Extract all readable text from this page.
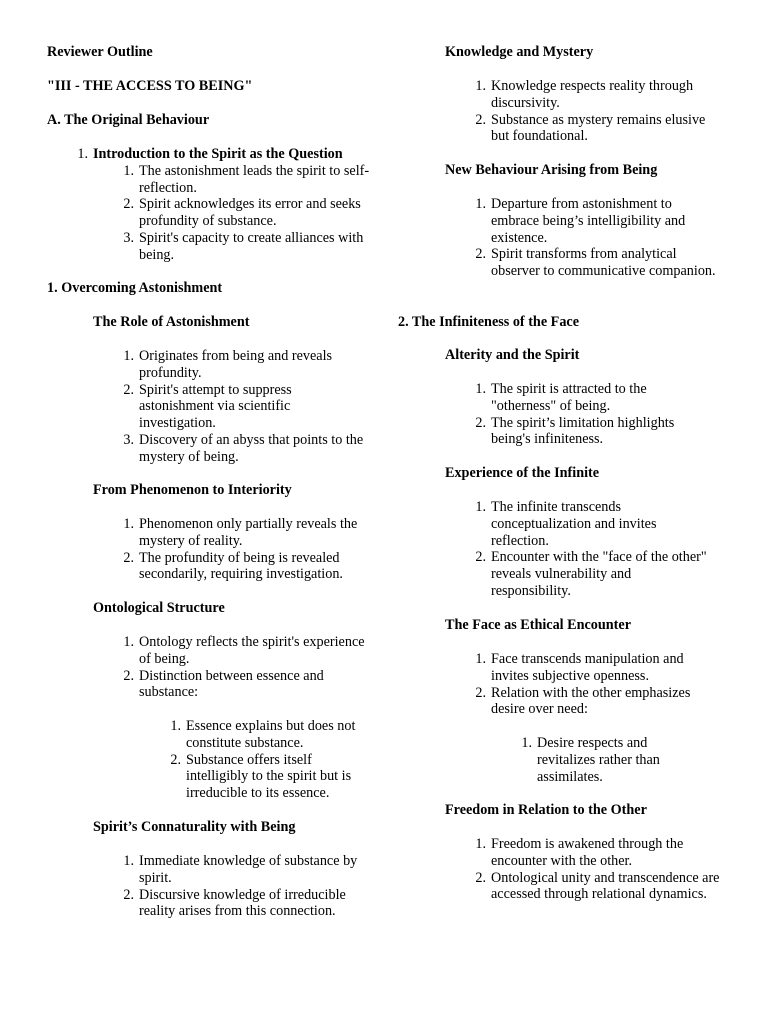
Reviewer Outline
"III - THE ACCESS TO BEING"
A. The Original Behaviour
1. Introduction to the Spirit as the Question
1. The astonishment leads the spirit to self-reflection.
2. Spirit acknowledges its error and seeks profundity of substance.
3. Spirit's capacity to create alliances with being.
1. Overcoming Astonishment
The Role of Astonishment
1. Originates from being and reveals profundity.
2. Spirit's attempt to suppress astonishment via scientific investigation.
3. Discovery of an abyss that points to the mystery of being.
From Phenomenon to Interiority
1. Phenomenon only partially reveals the mystery of reality.
2. The profundity of being is revealed secondarily, requiring investigation.
Ontological Structure
1. Ontology reflects the spirit's experience of being.
2. Distinction between essence and substance:
1. Essence explains but does not constitute substance.
2. Substance offers itself intelligibly to the spirit but is irreducible to its essence.
Spirit’s Connaturality with Being
1. Immediate knowledge of substance by spirit.
2. Discursive knowledge of irreducible reality arises from this connection.
Knowledge and Mystery
1. Knowledge respects reality through discursivity.
2. Substance as mystery remains elusive but foundational.
New Behaviour Arising from Being
1. Departure from astonishment to embrace being’s intelligibility and existence.
2. Spirit transforms from analytical observer to communicative companion.
2. The Infiniteness of the Face
Alterity and the Spirit
1. The spirit is attracted to the "otherness" of being.
2. The spirit’s limitation highlights being's infiniteness.
Experience of the Infinite
1. The infinite transcends conceptualization and invites reflection.
2. Encounter with the "face of the other" reveals vulnerability and responsibility.
The Face as Ethical Encounter
1. Face transcends manipulation and invites subjective openness.
2. Relation with the other emphasizes desire over need:
1. Desire respects and revitalizes rather than assimilates.
Freedom in Relation to the Other
1. Freedom is awakened through the encounter with the other.
2. Ontological unity and transcendence are accessed through relational dynamics.
